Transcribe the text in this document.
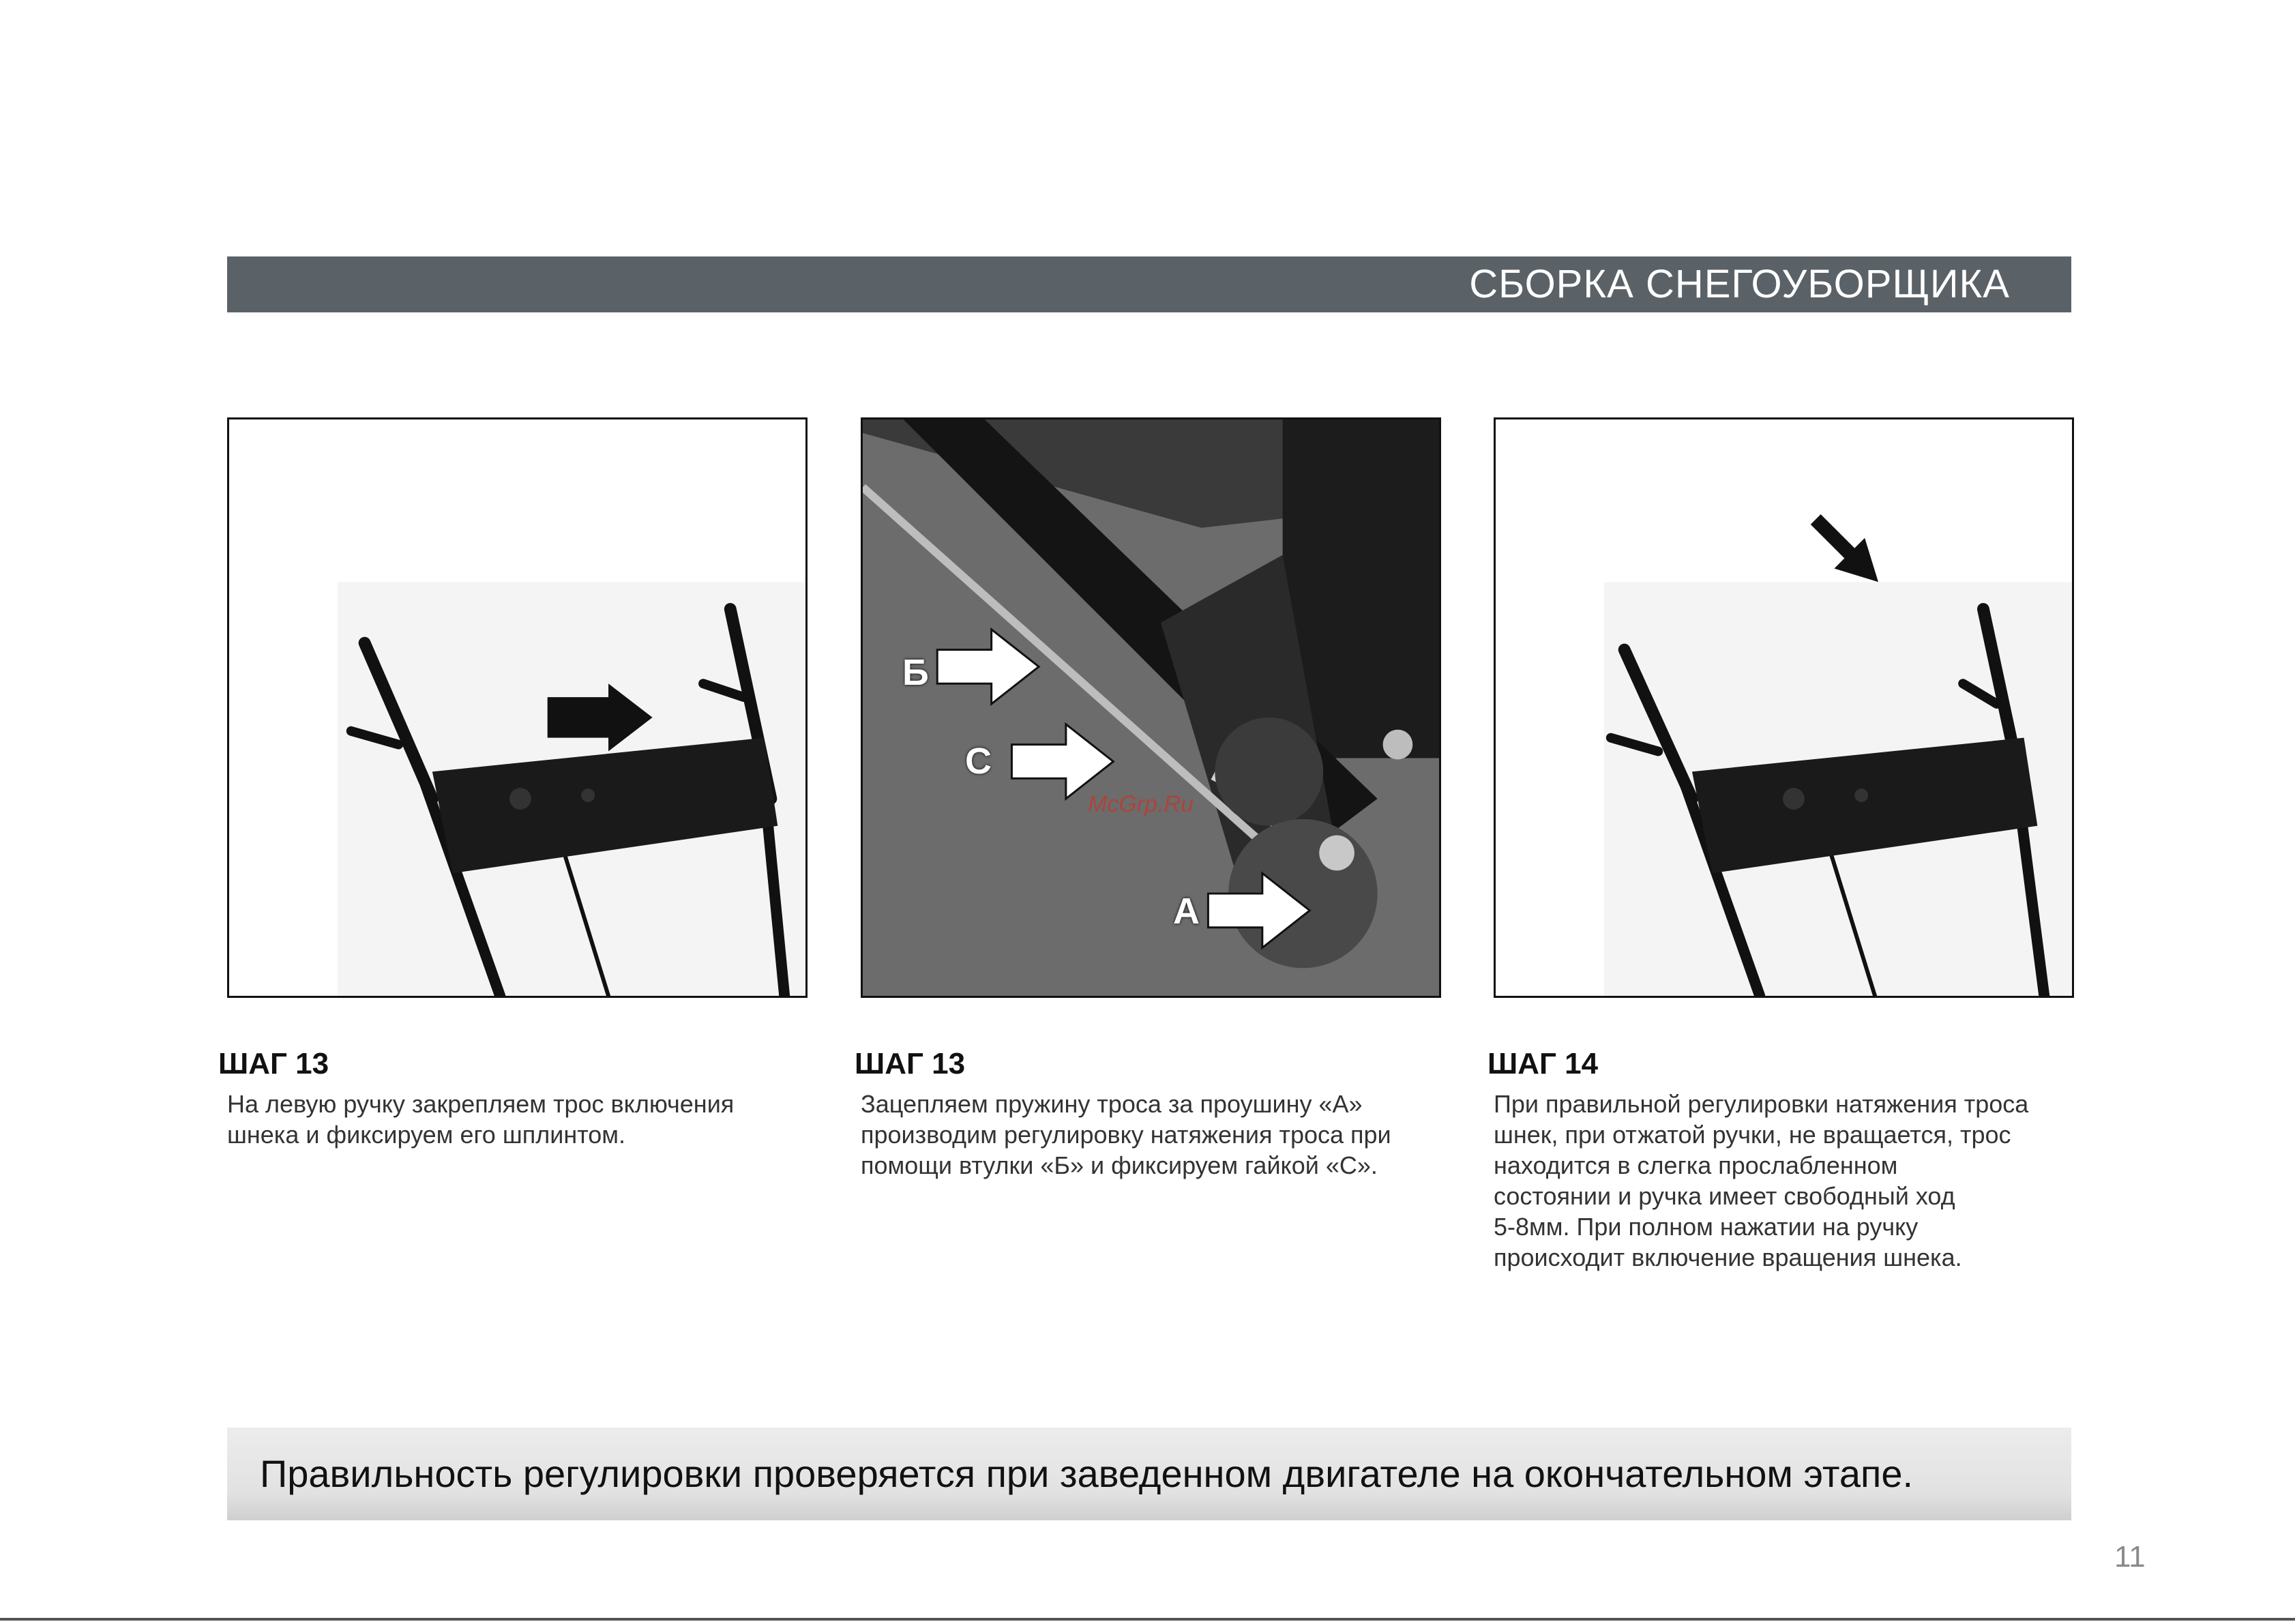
СБОРКА СНЕГОУБОРЩИКА
Б
С
А
McGrp.Ru
ШАГ 13
На левую ручку закрепляем трос включения
шнека и фиксируем его шплинтом.
ШАГ 13
Зацепляем пружину троса за проушину «А»
производим регулировку натяжения троса при
помощи втулки «Б» и фиксируем гайкой «С».
ШАГ 14
При правильной регулировки натяжения троса
шнек, при отжатой ручки, не вращается, трос
находится в слегка прослабленном
состоянии и ручка имеет свободный ход
5-8мм. При полном нажатии на ручку
происходит включение вращения шнека.
Правильность регулировки проверяется при заведенном двигателе на окончательном этапе.
11
